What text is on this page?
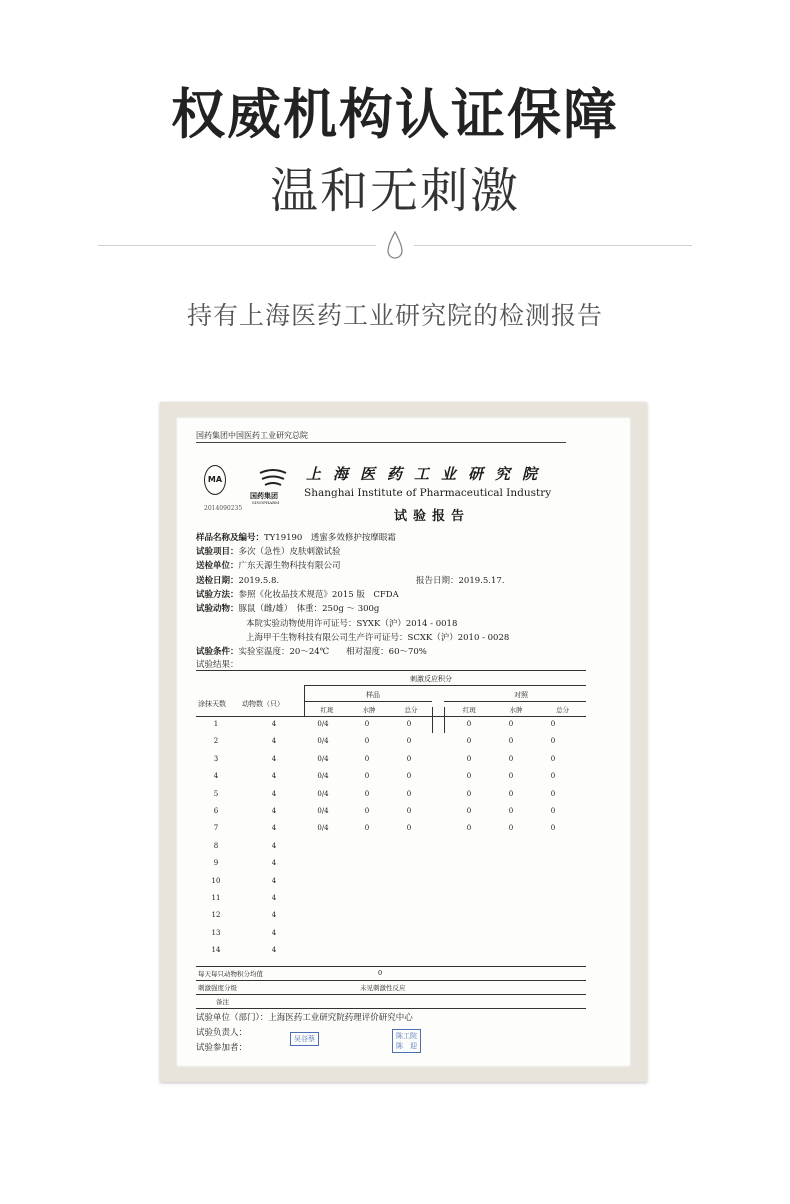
权威机构认证保障
温和无刺激
持有上海医药工业研究院的检测报告
国药集团中国医药工业研究总院
MA
2014090235
国药集团
SINOPHARM
上海医药工业研究院
Shanghai Institute of Pharmaceutical Industry
试验报告
样品名称及编号：TY19190　透蜜多效修护按摩眼霜
试验项目：多次（急性）皮肤刺激试验
送检单位：广东天源生物科技有限公司
送检日期：2019.5.8.	报告日期：2019.5.17.
试验方法：参照《化妆品技术规范》2015 版　CFDA
试验动物：豚鼠（雌/雄）　体重：250g ～ 300g
本院实验动物使用许可证号：SYXK（沪）2014 - 0018
上海甲干生物科技有限公司生产许可证号：SCXK（沪）2010 - 0028
试验条件：实验室温度：20～24℃　　相对湿度：60～70%
试验结果：
刺激反应积分
涂抹天数 动物数（只）
样品	对照
红斑	水肿	总分	红斑	水肿	总分
1	4	0/4	0	0	0	0	0
2	4	0/4	0	0	0	0	0
3	4	0/4	0	0	0	0	0
4	4	0/4	0	0	0	0	0
5	4	0/4	0	0	0	0	0
6	4	0/4	0	0	0	0	0
7	4	0/4	0	0	0	0	0
8	4
9	4
10	4
11	4
12	4
13	4
14	4
每天每只动物积分均值	0
刺激强度分级	未见刺激性反应
备注
试验单位（部门）：上海医药工业研究院药理评价研究中心
试验负责人：
试验参加者：
吴谷蔡	陈工院
陈　迎
